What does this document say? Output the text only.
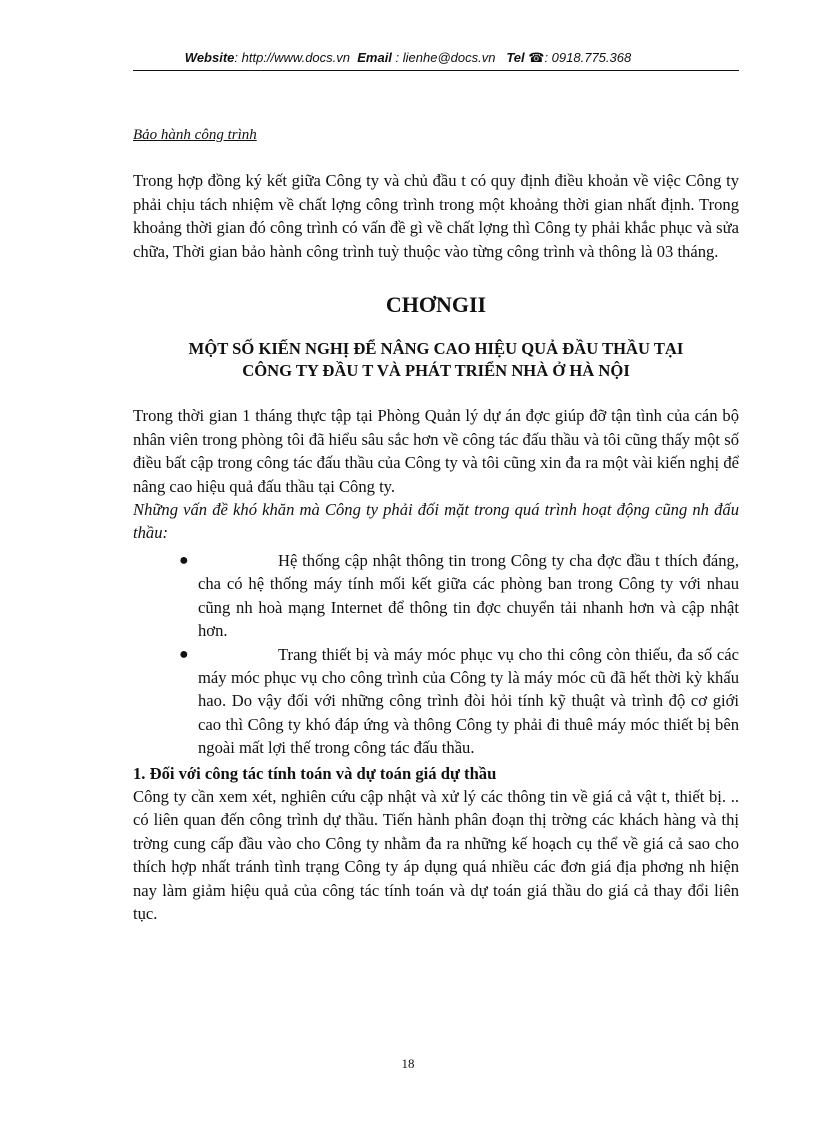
Website: http://www.docs.vn Email : lienhe@docs.vn Tel ☎: 0918.775.368
Bảo hành công trình

Trong hợp đồng ký kết giữa Công ty và chủ đầu t có quy định điều khoản về việc Công ty phải chịu tách nhiệm về chất lợng công trình trong một khoảng thời gian nhất định. Trong khoảng thời gian đó công trình có vấn đề gì về chất lợng thì Công ty phải khắc phục và sửa chữa, Thời gian bảo hành công trình tuỳ thuộc vào từng công trình và thông là 03 tháng.

CHƠNGII
MỘT SỐ KIẾN NGHỊ ĐỂ NÂNG CAO HIỆU QUẢ ĐẦU THẦU TẠI
CÔNG TY ĐẦU T VÀ PHÁT TRIỂN NHÀ Ở HÀ NỘI

Trong thời gian 1 tháng thực tập tại Phòng Quản lý dự án đợc giúp đỡ tận tình của cán bộ nhân viên trong phòng tôi đã hiểu sâu sắc hơn về công tác đấu thầu và tôi cũng thấy một số điều bất cập trong công tác đấu thầu của Công ty và tôi cũng xin đa ra một vài kiến nghị để nâng cao hiệu quả đấu thầu tại Công ty.

Những vấn đề khó khăn mà Công ty phải đối mặt trong quá trình hoạt động cũng nh đấu thầu:

●	Hệ thống cập nhật thông tin trong Công ty cha đợc đầu t thích đáng, cha có hệ thống máy tính mối kết giữa các phòng ban trong Công ty với nhau cũng nh hoà mạng Internet để thông tin đợc chuyển tải nhanh hơn và cập nhật hơn.
●	Trang thiết bị và máy móc phục vụ cho thi công còn thiếu, đa số các máy móc phục vụ cho công trình của Công ty là máy móc cũ đã hết thời kỳ khấu hao. Do vậy đối với những công trình đòi hỏi tính kỹ thuật và trình độ cơ giới cao thì Công ty khó đáp ứng và thông Công ty phải đi thuê máy móc thiết bị bên ngoài mất lợi thế trong công tác đấu thầu.
1. Đối với công tác tính toán và dự toán giá dự thầu

Công ty cần xem xét, nghiên cứu cập nhật và xử lý các thông tin về giá cả vật t, thiết bị. .. có liên quan đến công trình dự thầu. Tiến hành phân đoạn thị trờng các khách hàng và thị trờng cung cấp đầu vào cho Công ty nhằm đa ra những kế hoạch cụ thể về giá cả sao cho thích hợp nhất tránh tình trạng Công ty áp dụng quá nhiều các đơn giá địa phơng nh hiện nay làm giảm hiệu quả của công tác tính toán và dự toán giá thầu do giá cả thay đổi liên tục.

18
